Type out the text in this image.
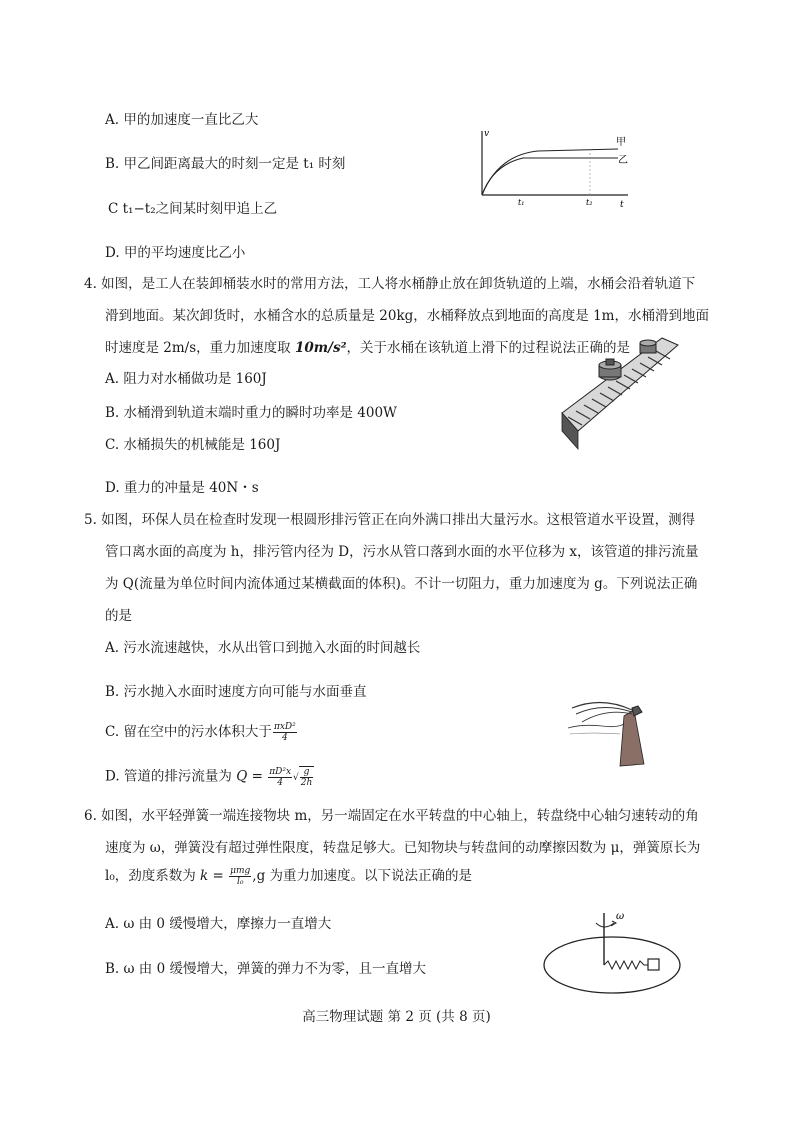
A. 甲的加速度一直比乙大
B. 甲乙间距离最大的时刻一定是 t₁ 时刻
C t₁−t₂之间某时刻甲追上乙
D. 甲的平均速度比乙小
v
t
t₁	t₂
甲
乙
4. 如图，是工人在装卸桶装水时的常用方法，工人将水桶静止放在卸货轨道的上端，水桶会沿着轨道下
滑到地面。某次卸货时，水桶含水的总质量是 20kg，水桶释放点到地面的高度是 1m，水桶滑到地面
时速度是 2m/s，重力加速度取 10m/s²，关于水桶在该轨道上滑下的过程说法正确的是
A. 阻力对水桶做功是 160J
B. 水桶滑到轨道末端时重力的瞬时功率是 400W
C. 水桶损失的机械能是 160J
D. 重力的冲量是 40N・s
5. 如图，环保人员在检查时发现一根圆形排污管正在向外满口排出大量污水。这根管道水平设置，测得
管口离水面的高度为 h，排污管内径为 D，污水从管口落到水面的水平位移为 x，该管道的排污流量
为 Q(流量为单位时间内流体通过某横截面的体积)。不计一切阻力，重力加速度为 g。下列说法正确
的是
A. 污水流速越快，水从出管口到抛入水面的时间越长
B. 污水抛入水面时速度方向可能与水面垂直
C. 留在空中的污水体积大于 $\frac{\text{πxD²}}{4}$
D. 管道的排污流量为 $Q = \frac{\text{πD²x}}{4}$ √ $\frac{g}{2h}$
6. 如图，水平轻弹簧一端连接物块 m，另一端固定在水平转盘的中心轴上，转盘绕中心轴匀速转动的角
速度为 ω，弹簧没有超过弹性限度，转盘足够大。已知物块与转盘间的动摩擦因数为 μ，弹簧原长为
l₀，劲度系数为 $k = \frac{\text{μmg}}{\text{l₀}} ,g$ 为重力加速度。以下说法正确的是
A. ω 由 0 缓慢增大，摩擦力一直增大
B. ω 由 0 缓慢增大，弹簧的弹力不为零，且一直增大
ω
高三物理试题 第 2 页 (共 8 页)
